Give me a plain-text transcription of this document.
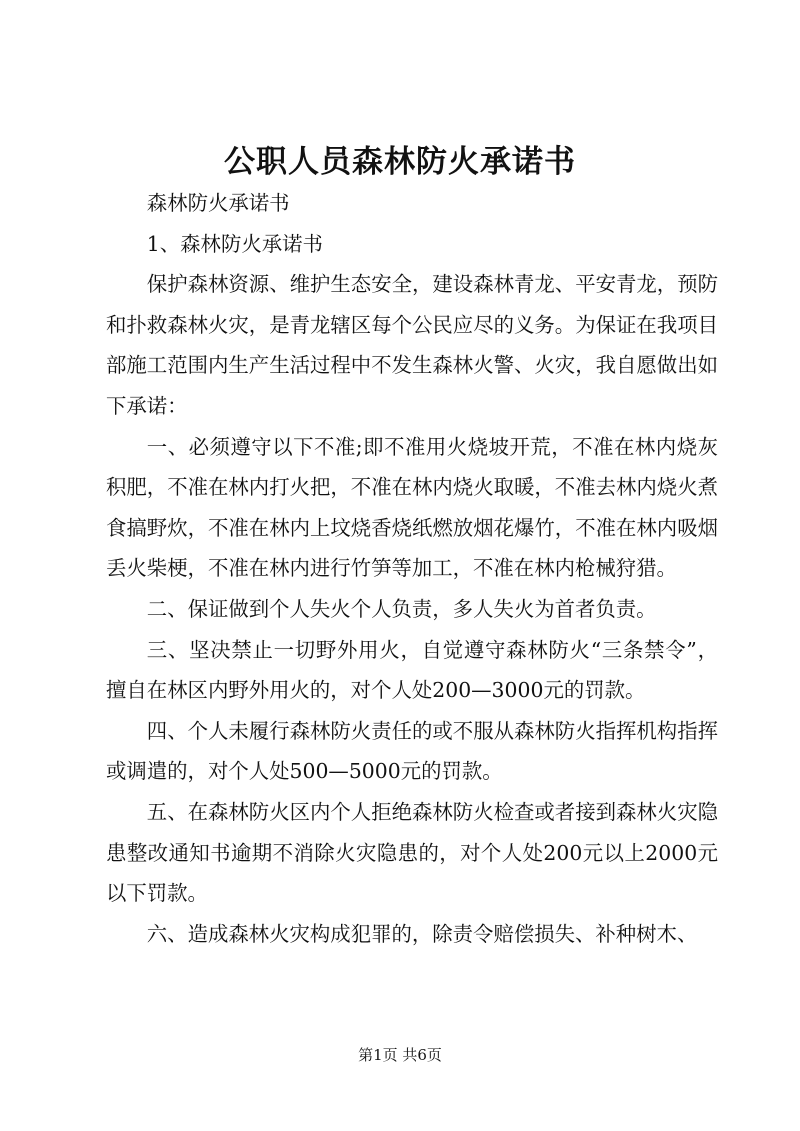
公职人员森林防火承诺书

森林防火承诺书

1、森林防火承诺书

保护森林资源、维护生态安全，建设森林青龙、平安青龙，预防和扑救森林火灾，是青龙辖区每个公民应尽的义务。为保证在我项目部施工范围内生产生活过程中不发生森林火警、火灾，我自愿做出如下承诺：

一、必须遵守以下不准;即不准用火烧坡开荒，不准在林内烧灰积肥，不准在林内打火把，不准在林内烧火取暖，不准去林内烧火煮食搞野炊，不准在林内上坟烧香烧纸燃放烟花爆竹，不准在林内吸烟丢火柴梗，不准在林内进行竹笋等加工，不准在林内枪械狩猎。

二、保证做到个人失火个人负责，多人失火为首者负责。

三、坚决禁止一切野外用火，自觉遵守森林防火“三条禁令”，擅自在林区内野外用火的，对个人处200—3000元的罚款。

四、个人未履行森林防火责任的或不服从森林防火指挥机构指挥或调遣的，对个人处500—5000元的罚款。

五、在森林防火区内个人拒绝森林防火检查或者接到森林火灾隐患整改通知书逾期不消除火灾隐患的，对个人处200元以上2000元以下罚款。

六、造成森林火灾构成犯罪的，除责令赔偿损失、补种树木、

第1页 共6页
